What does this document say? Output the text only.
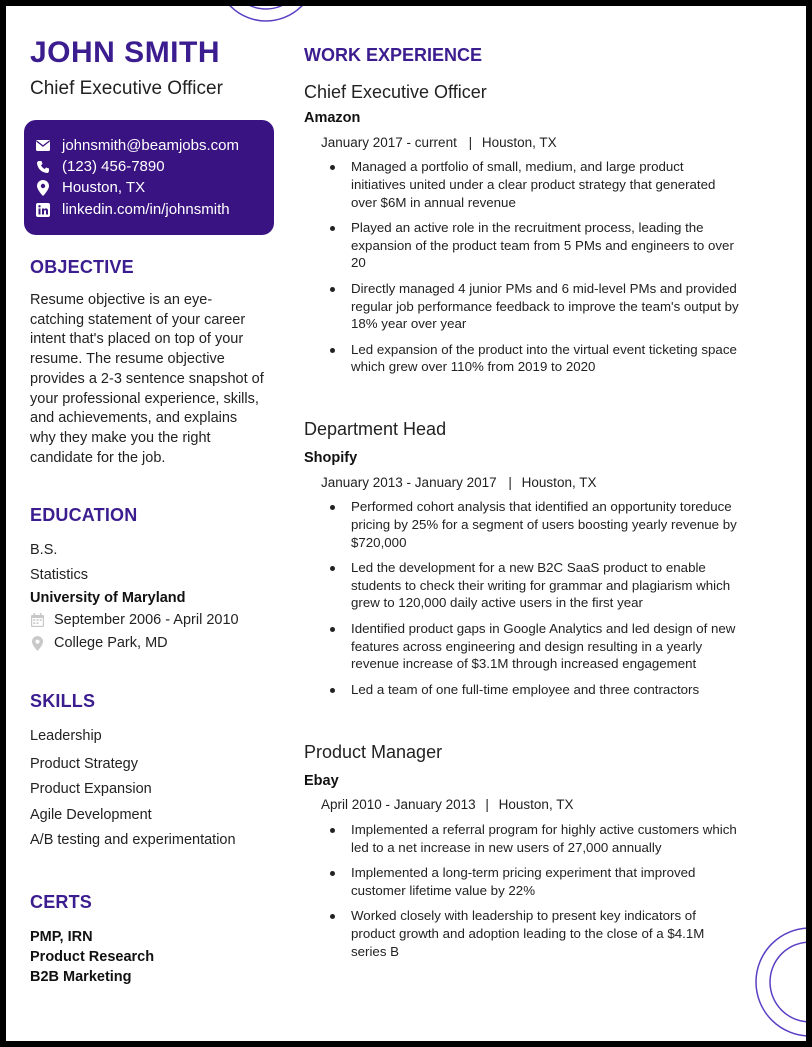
JOHN SMITH
Chief Executive Officer
johnsmith@beamjobs.com
(123) 456-7890
Houston, TX
linkedin.com/in/johnsmith
OBJECTIVE
Resume objective is an eye-catching statement of your career intent that's placed on top of your resume. The resume objective provides a 2-3 sentence snapshot of your professional experience, skills, and achievements, and explains why they make you the right candidate for the job.
EDUCATION
B.S.
Statistics
University of Maryland
September 2006 - April 2010
College Park, MD
SKILLS
Leadership
Product Strategy
Product Expansion
Agile Development
A/B testing and experimentation
CERTS
PMP, IRN
Product Research
B2B Marketing
WORK EXPERIENCE
Chief Executive Officer
Amazon
January 2017 - current | Houston, TX
Managed a portfolio of small, medium, and large product initiatives united under a clear product strategy that generated over $6M in annual revenue
Played an active role in the recruitment process, leading the expansion of the product team from 5 PMs and engineers to over 20
Directly managed 4 junior PMs and 6 mid-level PMs and provided regular job performance feedback to improve the team's output by 18% year over year
Led expansion of the product into the virtual event ticketing space which grew over 110% from 2019 to 2020
Department Head
Shopify
January 2013 - January 2017 | Houston, TX
Performed cohort analysis that identified an opportunity toreduce pricing by 25% for a segment of users boosting yearly revenue by $720,000
Led the development for a new B2C SaaS product to enable students to check their writing for grammar and plagiarism which grew to 120,000 daily active users in the first year
Identified product gaps in Google Analytics and led design of new features across engineering and design resulting in a yearly revenue increase of $3.1M through increased engagement
Led a team of one full-time employee and three contractors
Product Manager
Ebay
April 2010 - January 2013 | Houston, TX
Implemented a referral program for highly active customers which led to a net increase in new users of 27,000 annually
Implemented a long-term pricing experiment that improved customer lifetime value by 22%
Worked closely with leadership to present key indicators of product growth and adoption leading to the close of a $4.1M series B
